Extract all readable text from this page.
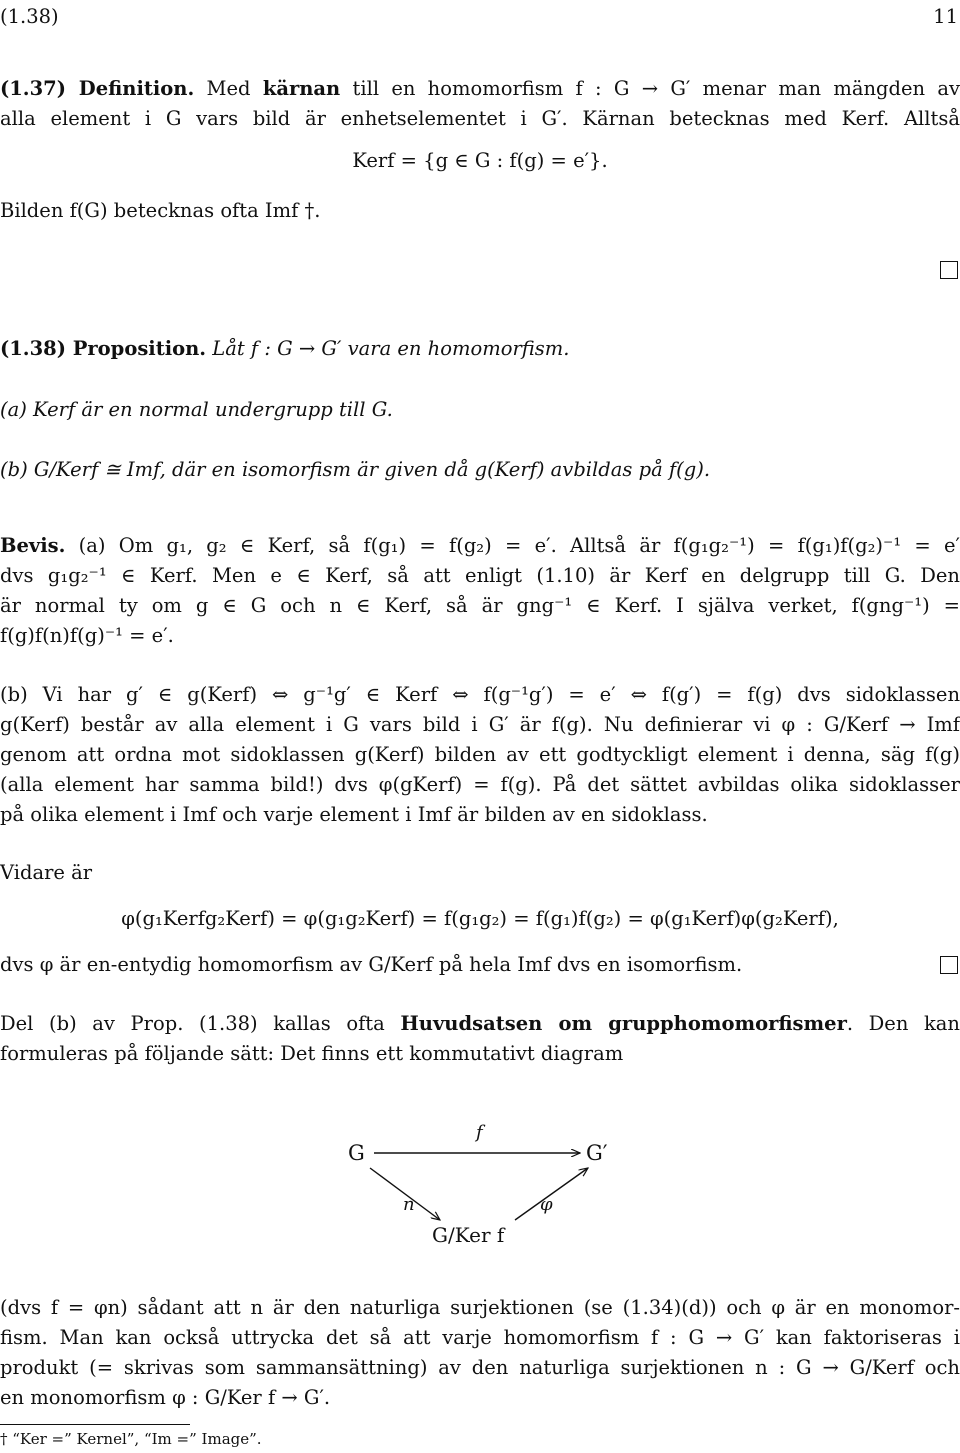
(1.38)	11
(1.37) Definition. Med kärnan till en homomorfism f : G → G′ menar man mängden av
alla element i G vars bild är enhetselementet i G′. Kärnan betecknas med Kerf. Alltså
Kerf = {g ∈ G : f(g) = e′}.
Bilden f(G) betecknas ofta Imf †.
(1.38) Proposition. Låt f : G → G′ vara en homomorfism.
(a) Kerf är en normal undergrupp till G.
(b) G/Kerf ≅ Imf, där en isomorfism är given då g(Kerf) avbildas på f(g).
Bevis. (a) Om g₁, g₂ ∈ Kerf, så f(g₁) = f(g₂) = e′. Alltså är f(g₁g₂⁻¹) = f(g₁)f(g₂)⁻¹ = e′
dvs g₁g₂⁻¹ ∈ Kerf. Men e ∈ Kerf, så att enligt (1.10) är Kerf en delgrupp till G. Den
är normal ty om g ∈ G och n ∈ Kerf, så är gng⁻¹ ∈ Kerf. I själva verket, f(gng⁻¹) =
f(g)f(n)f(g)⁻¹ = e′.
(b) Vi har g′ ∈ g(Kerf) ⇔ g⁻¹g′ ∈ Kerf ⇔ f(g⁻¹g′) = e′ ⇔ f(g′) = f(g) dvs sidoklassen
g(Kerf) består av alla element i G vars bild i G′ är f(g). Nu definierar vi φ : G/Kerf → Imf
genom att ordna mot sidoklassen g(Kerf) bilden av ett godtyckligt element i denna, säg f(g)
(alla element har samma bild!) dvs φ(gKerf) = f(g). På det sättet avbildas olika sidoklasser
på olika element i Imf och varje element i Imf är bilden av en sidoklass.
Vidare är
φ(g₁Kerfg₂Kerf) = φ(g₁g₂Kerf) = f(g₁g₂) = f(g₁)f(g₂) = φ(g₁Kerf)φ(g₂Kerf),
dvs φ är en-entydig homomorfism av G/Kerf på hela Imf dvs en isomorfism.
Del (b) av Prop. (1.38) kallas ofta Huvudsatsen om grupphomomorfismer. Den kan
formuleras på följande sätt: Det finns ett kommutativt diagram
G	G′
f
n	φ
G/Ker f
(dvs f = φn) sådant att n är den naturliga surjektionen (se (1.34)(d)) och φ är en monomor-
fism. Man kan också uttrycka det så att varje homomorfism f : G → G′ kan faktoriseras i
produkt (= skrivas som sammansättning) av den naturliga surjektionen n : G → G/Kerf och
en monomorfism φ : G/Ker f → G′.
† “Ker =” Kernel”, “Im =” Image”.
